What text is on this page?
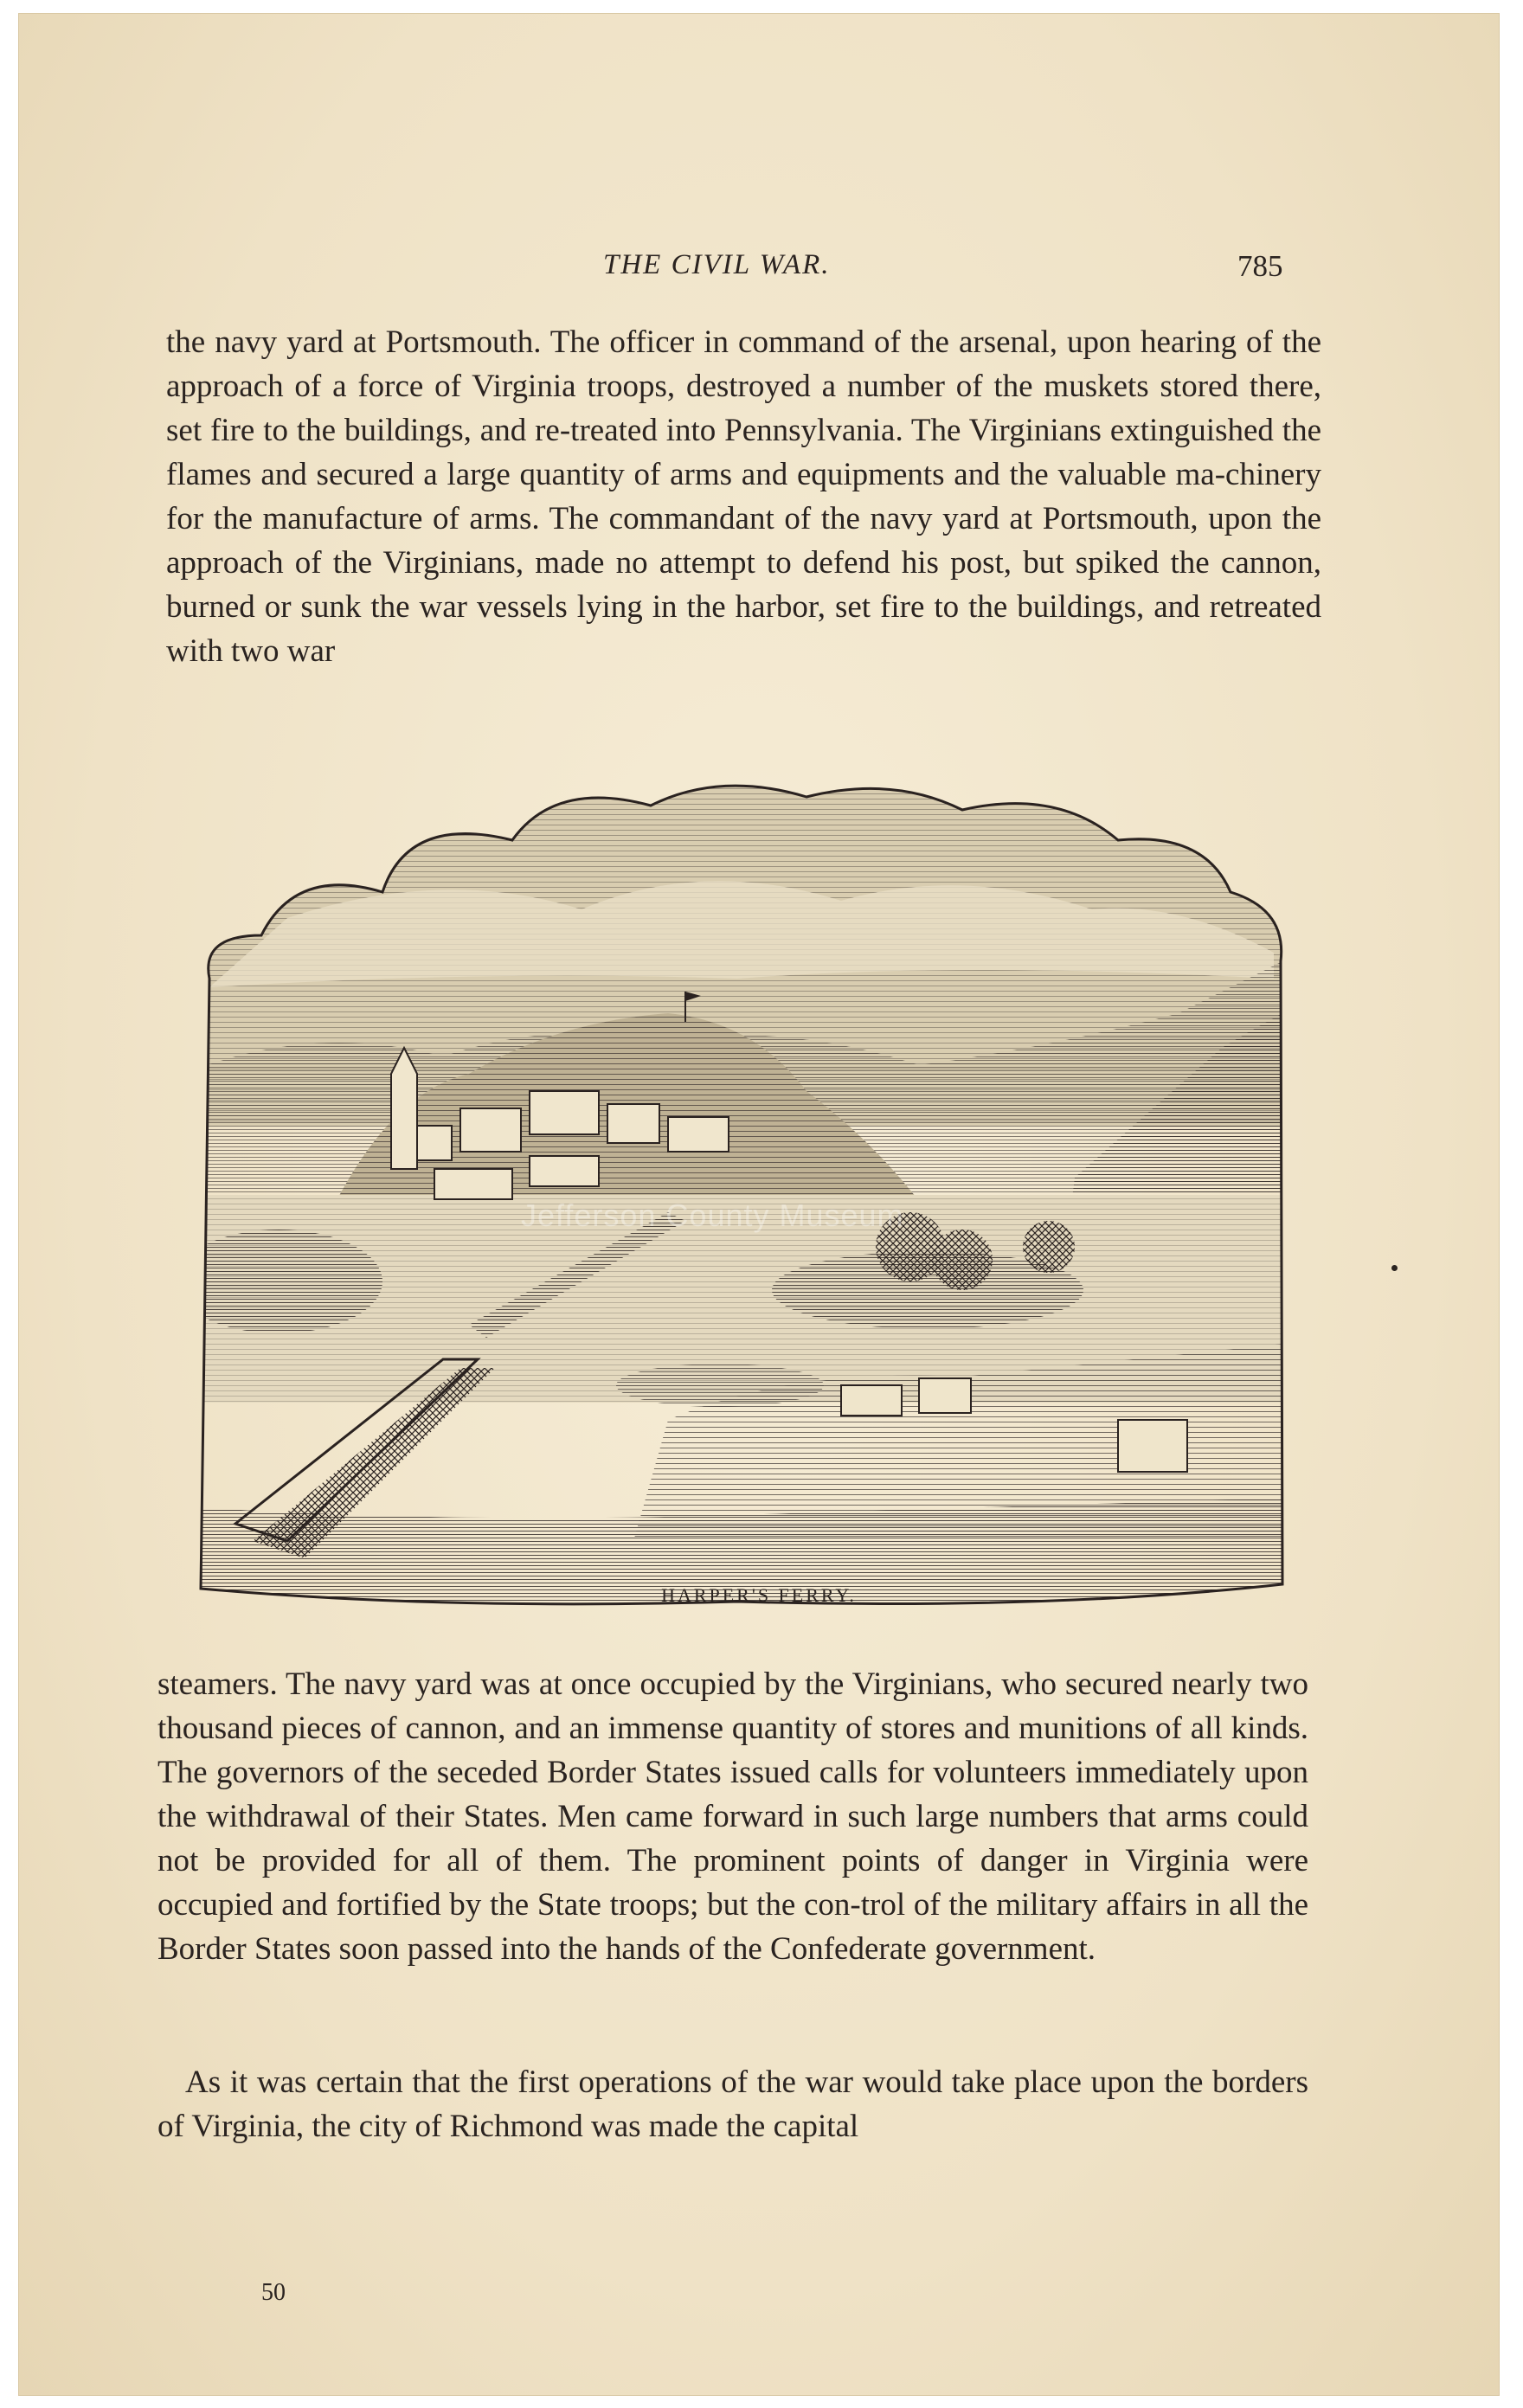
THE CIVIL WAR.	785

the navy yard at Portsmouth. The officer in command of the arsenal, upon hearing of the approach of a force of Virginia troops, destroyed a number of the muskets stored there, set fire to the buildings, and re-treated into Pennsylvania. The Virginians extinguished the flames and secured a large quantity of arms and equipments and the valuable ma-chinery for the manufacture of arms. The commandant of the navy yard at Portsmouth, upon the approach of the Virginians, made no attempt to defend his post, but spiked the cannon, burned or sunk the war vessels lying in the harbor, set fire to the buildings, and retreated with two war

Jefferson County Museum
HARPER'S FERRY.

steamers. The navy yard was at once occupied by the Virginians, who secured nearly two thousand pieces of cannon, and an immense quantity of stores and munitions of all kinds. The governors of the seceded Border States issued calls for volunteers immediately upon the withdrawal of their States. Men came forward in such large numbers that arms could not be provided for all of them. The prominent points of danger in Virginia were occupied and fortified by the State troops; but the con-trol of the military affairs in all the Border States soon passed into the hands of the Confederate government.

As it was certain that the first operations of the war would take place upon the borders of Virginia, the city of Richmond was made the capital

50
